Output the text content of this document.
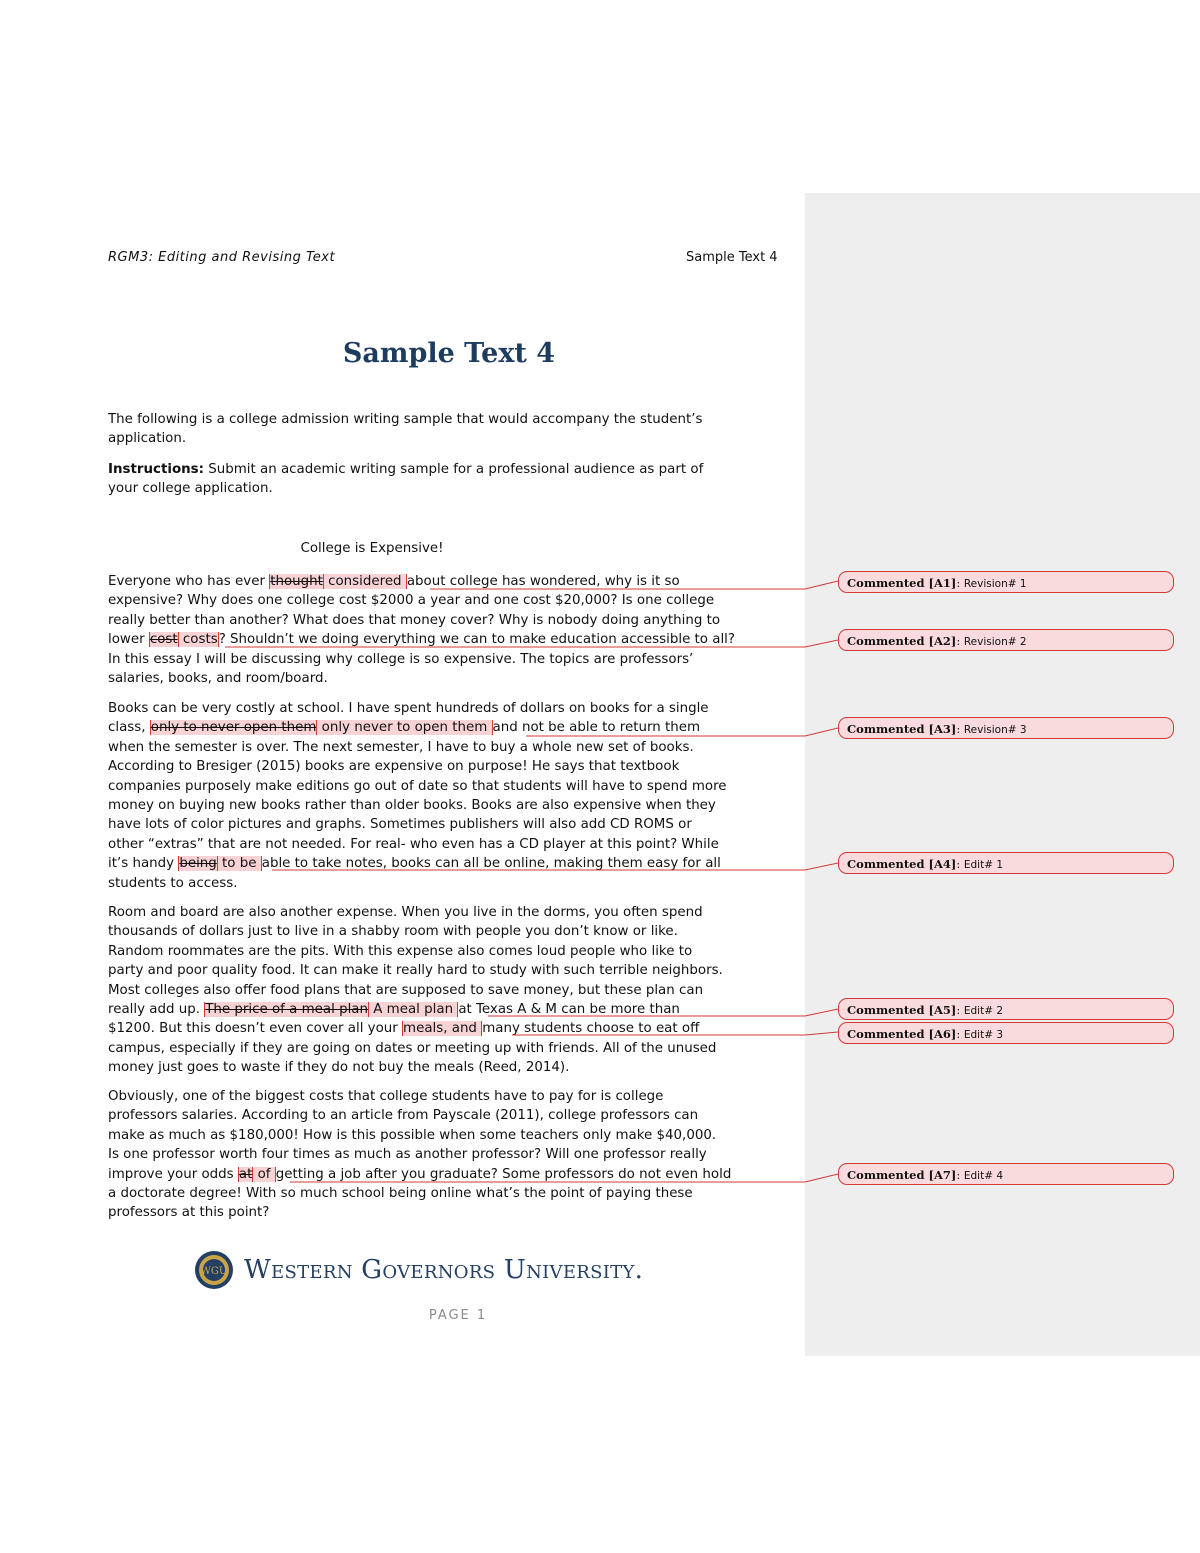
RGM3: Editing and Revising Text	Sample Text 4
Sample Text 4
The following is a college admission writing sample that would accompany the student’s
application.
Instructions: Submit an academic writing sample for a professional audience as part of
your college application.
College is Expensive!
Everyone who has ever thought considered about college has wondered, why is it so
expensive? Why does one college cost $2000 a year and one cost $20,000? Is one college
really better than another? What does that money cover? Why is nobody doing anything to
lower cost costs? Shouldn’t we doing everything we can to make education accessible to all?
In this essay I will be discussing why college is so expensive. The topics are professors’
salaries, books, and room/board.
Books can be very costly at school. I have spent hundreds of dollars on books for a single
class, only to never open them only never to open them and not be able to return them
when the semester is over. The next semester, I have to buy a whole new set of books.
According to Bresiger (2015) books are expensive on purpose! He says that textbook
companies purposely make editions go out of date so that students will have to spend more
money on buying new books rather than older books. Books are also expensive when they
have lots of color pictures and graphs. Sometimes publishers will also add CD ROMS or
other “extras” that are not needed. For real- who even has a CD player at this point? While
it’s handy being to be able to take notes, books can all be online, making them easy for all
students to access.
Room and board are also another expense. When you live in the dorms, you often spend
thousands of dollars just to live in a shabby room with people you don’t know or like.
Random roommates are the pits. With this expense also comes loud people who like to
party and poor quality food. It can make it really hard to study with such terrible neighbors.
Most colleges also offer food plans that are supposed to save money, but these plan can
really add up. The price of a meal plan A meal plan at Texas A & M can be more than
$1200. But this doesn’t even cover all your meals, and many students choose to eat off
campus, especially if they are going on dates or meeting up with friends. All of the unused
money just goes to waste if they do not buy the meals (Reed, 2014).
Obviously, one of the biggest costs that college students have to pay for is college
professors salaries. According to an article from Payscale (2011), college professors can
make as much as $180,000! How is this possible when some teachers only make $40,000.
Is one professor worth four times as much as another professor? Will one professor really
improve your odds at of getting a job after you graduate? Some professors do not even hold
a doctorate degree! With so much school being online what’s the point of paying these
professors at this point?
Commented [A1]: Revision# 1
Commented [A2]: Revision# 2
Commented [A3]: Revision# 3
Commented [A4]: Edit# 1
Commented [A5]: Edit# 2
Commented [A6]: Edit# 3
Commented [A7]: Edit# 4
WGU Western Governors University.
PAGE 1
